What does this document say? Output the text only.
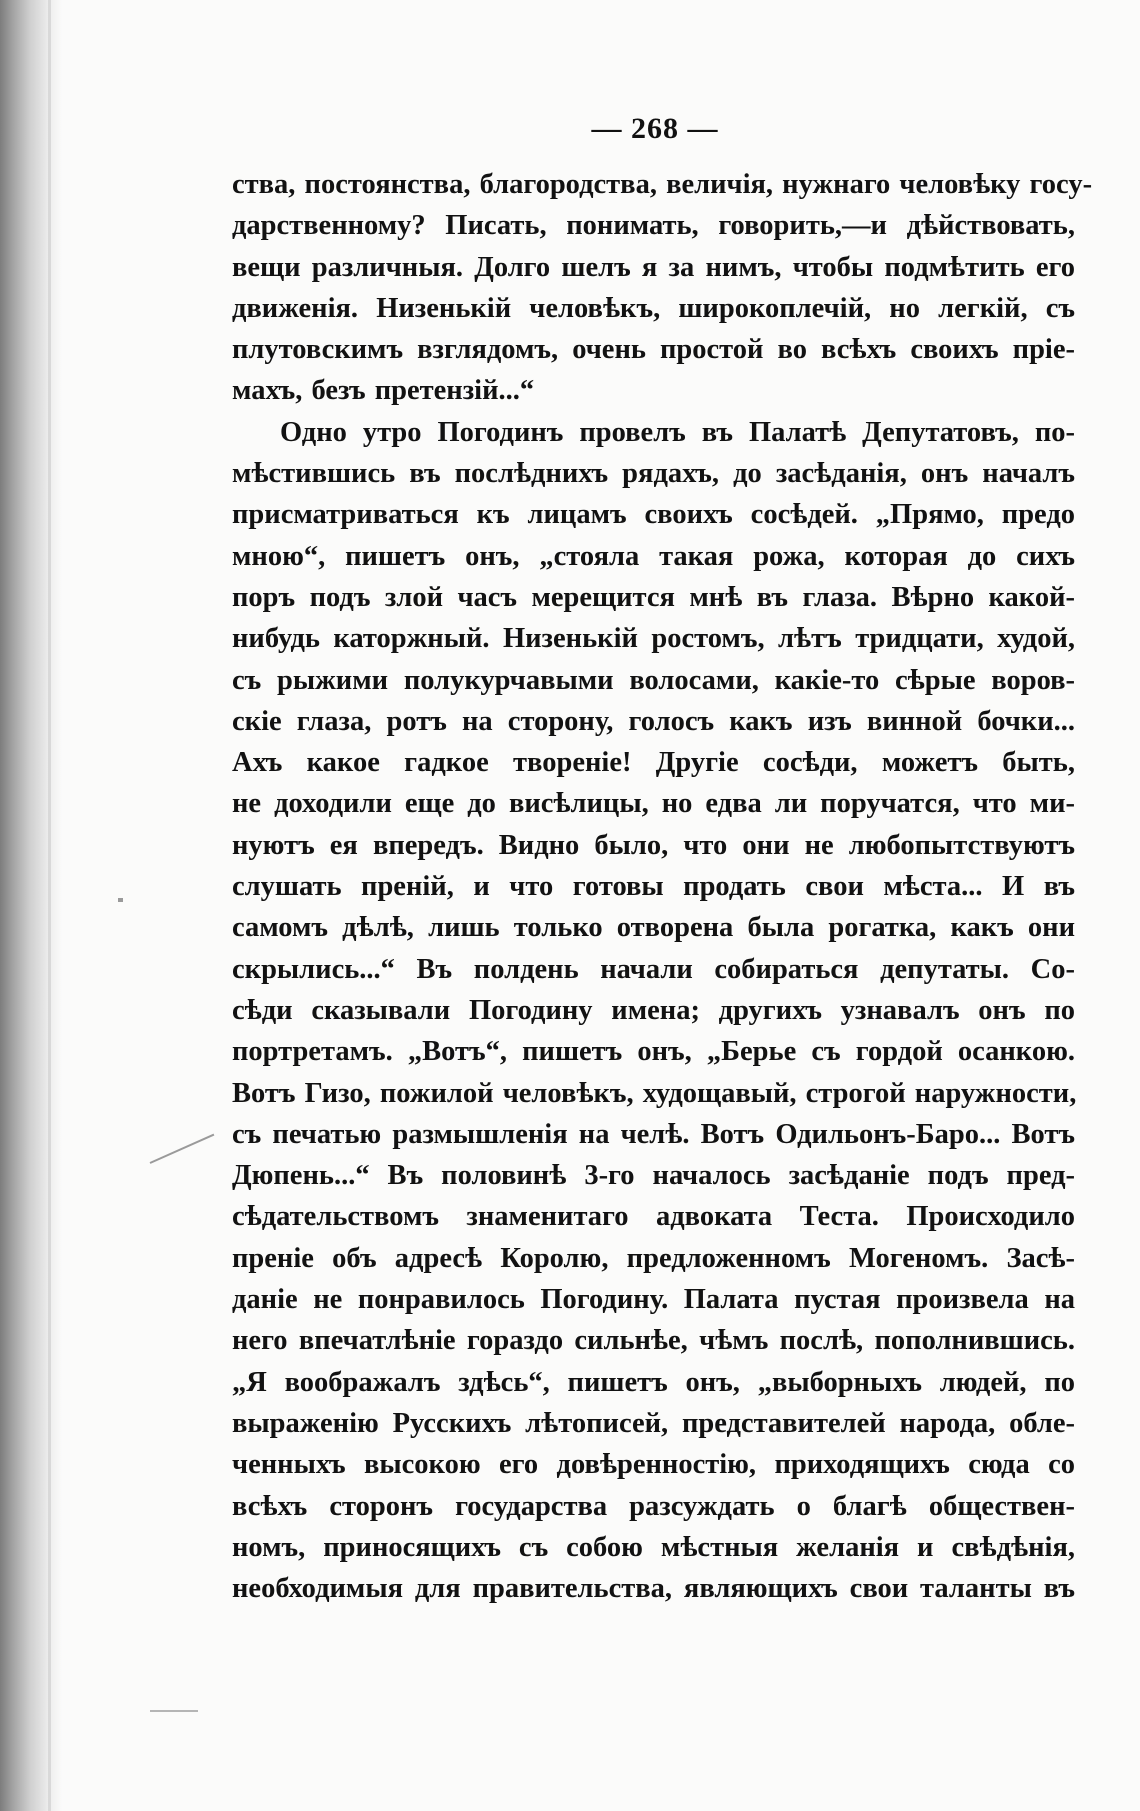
— 268 —
ства, постоянства, благородства, величія, нужнаго человѣку госу-
дарственному? Писать, понимать, говорить,—и дѣйствовать,
вещи различныя. Долго шелъ я за нимъ, чтобы подмѣтить его
движенія. Низенькій человѣкъ, широкоплечій, но легкій, съ
плутовскимъ взглядомъ, очень простой во всѣхъ своихъ пріе-
махъ, безъ претензій...“
Одно утро Погодинъ провелъ въ Палатѣ Депутатовъ, по-
мѣстившись въ послѣднихъ рядахъ, до засѣданія, онъ началъ
присматриваться къ лицамъ своихъ сосѣдей. „Прямо, предо
мною“, пишетъ онъ, „стояла такая рожа, которая до сихъ
поръ подъ злой часъ мерещится мнѣ въ глаза. Вѣрно какой-
нибудь каторжный. Низенькій ростомъ, лѣтъ тридцати, худой,
съ рыжими полукурчавыми волосами, какіе-то сѣрые воров-
скіе глаза, ротъ на сторону, голосъ какъ изъ винной бочки...
Ахъ какое гадкое твореніе! Другіе сосѣди, можетъ быть,
не доходили еще до висѣлицы, но едва ли поручатся, что ми-
нуютъ ея впередъ. Видно было, что они не любопытствуютъ
слушать преній, и что готовы продать свои мѣста... И въ
самомъ дѣлѣ, лишь только отворена была рогатка, какъ они
скрылись...“ Въ полдень начали собираться депутаты. Со-
сѣди сказывали Погодину имена; другихъ узнавалъ онъ по
портретамъ. „Вотъ“, пишетъ онъ, „Берье съ гордой осанкою.
Вотъ Гизо, пожилой человѣкъ, худощавый, строгой наружности,
съ печатью размышленія на челѣ. Вотъ Одильонъ-Баро... Вотъ
Дюпень...“ Въ половинѣ 3-го началось засѣданіе подъ пред-
сѣдательствомъ знаменитаго адвоката Теста. Происходило
преніе объ адресѣ Королю, предложенномъ Могеномъ. Засѣ-
даніе не понравилось Погодину. Палата пустая произвела на
него впечатлѣніе гораздо сильнѣе, чѣмъ послѣ, пополнившись.
„Я воображалъ здѣсь“, пишетъ онъ, „выборныхъ людей, по
выраженію Русскихъ лѣтописей, представителей народа, обле-
ченныхъ высокою его довѣренностію, приходящихъ сюда со
всѣхъ сторонъ государства разсуждать о благѣ обществен-
номъ, приносящихъ съ собою мѣстныя желанія и свѣдѣнія,
необходимыя для правительства, являющихъ свои таланты въ
